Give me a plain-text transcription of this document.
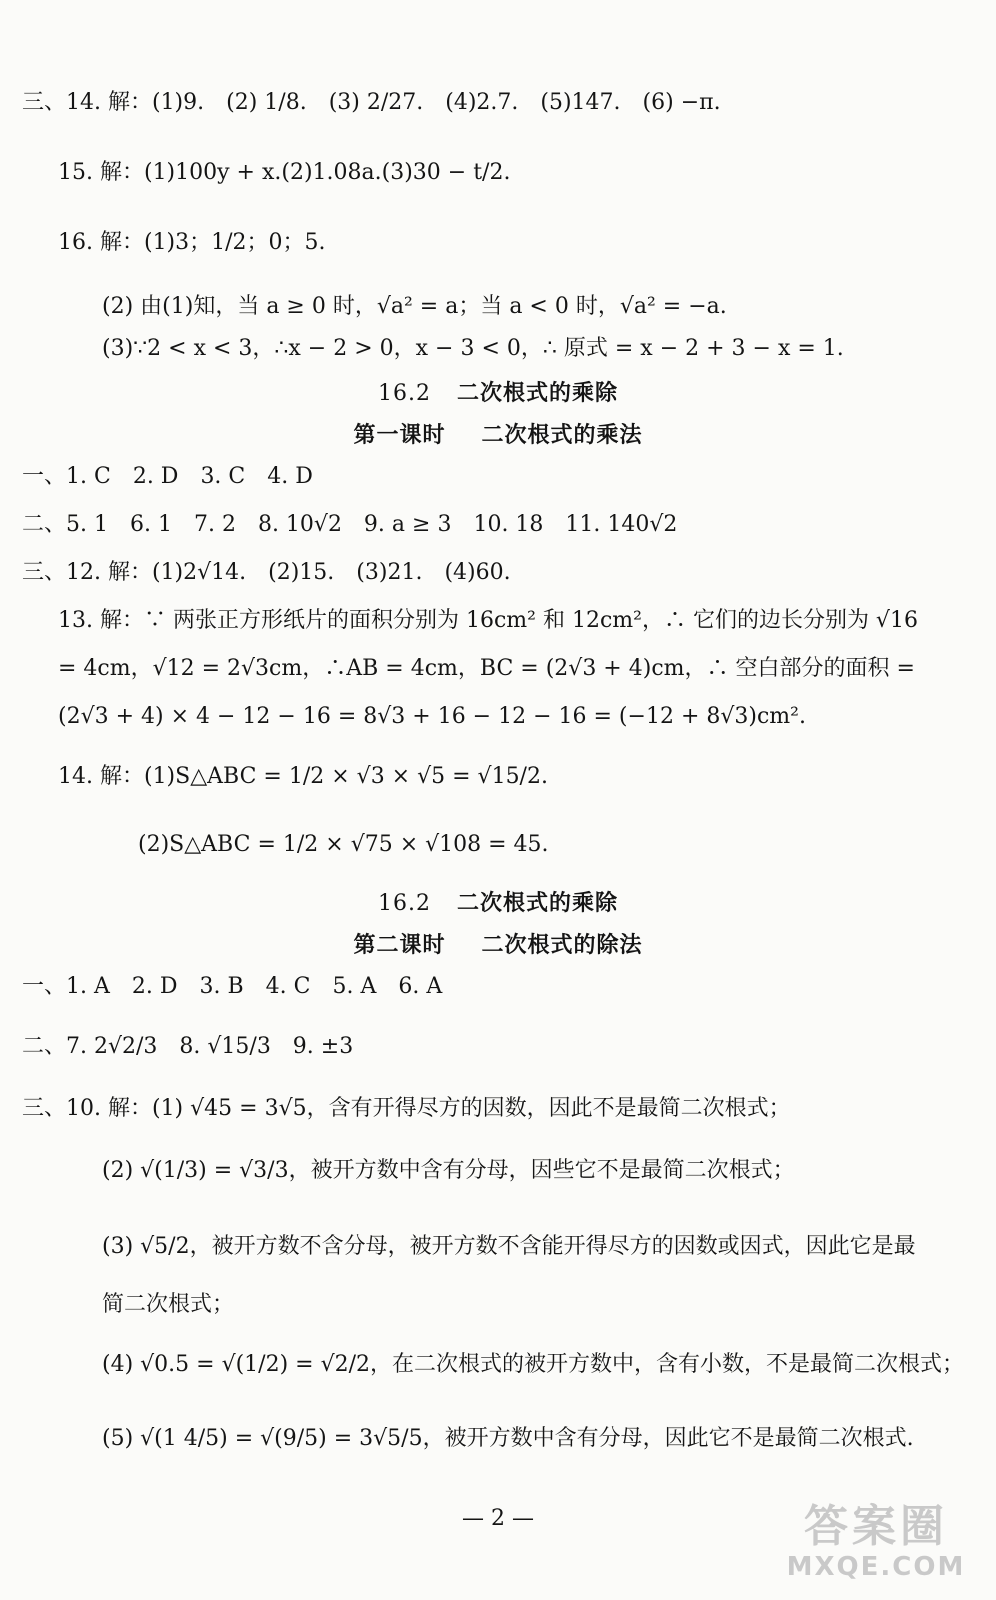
三、14. 解：(1)9.　(2) 1/8.　(3) 2/27.　(4)2.7.　(5)147.　(6) −π.
15. 解：(1)100y + x.(2)1.08a.(3)30 − t/2.
16. 解：(1)3；1/2；0；5.
(2) 由(1)知，当 a ≥ 0 时，√a² = a；当 a < 0 时，√a² = −a.
(3)∵2 < x < 3，∴x − 2 > 0，x − 3 < 0，∴ 原式 = x − 2 + 3 − x = 1.
16.2 二次根式的乘除
第一课时 二次根式的乘法
一、1. C　2. D　3. C　4. D
二、5. 1　6. 1　7. 2　8. 10√2　9. a ≥ 3　10. 18　11. 140√2
三、12. 解：(1)2√14.　(2)15.　(3)21.　(4)60.
13. 解：∵ 两张正方形纸片的面积分别为 16cm² 和 12cm²，∴ 它们的边长分别为 √16
= 4cm，√12 = 2√3cm，∴AB = 4cm，BC = (2√3 + 4)cm，∴ 空白部分的面积 =
(2√3 + 4) × 4 − 12 − 16 = 8√3 + 16 − 12 − 16 = (−12 + 8√3)cm².
14. 解：(1)S△ABC = 1/2 × √3 × √5 = √15/2.
(2)S△ABC = 1/2 × √75 × √108 = 45.
16.2 二次根式的乘除
第二课时 二次根式的除法
一、1. A　2. D　3. B　4. C　5. A　6. A
二、7. 2√2/3　8. √15/3　9. ±3
三、10. 解：(1) √45 = 3√5，含有开得尽方的因数，因此不是最简二次根式；
(2) √(1/3) = √3/3，被开方数中含有分母，因些它不是最简二次根式；
(3) √5/2，被开方数不含分母，被开方数不含能开得尽方的因数或因式，因此它是最
简二次根式；
(4) √0.5 = √(1/2) = √2/2，在二次根式的被开方数中，含有小数，不是最简二次根式；
(5) √(1 4/5) = √(9/5) = 3√5/5，被开方数中含有分母，因此它不是最简二次根式.
— 2 —	答案圈
MXQE.COM
